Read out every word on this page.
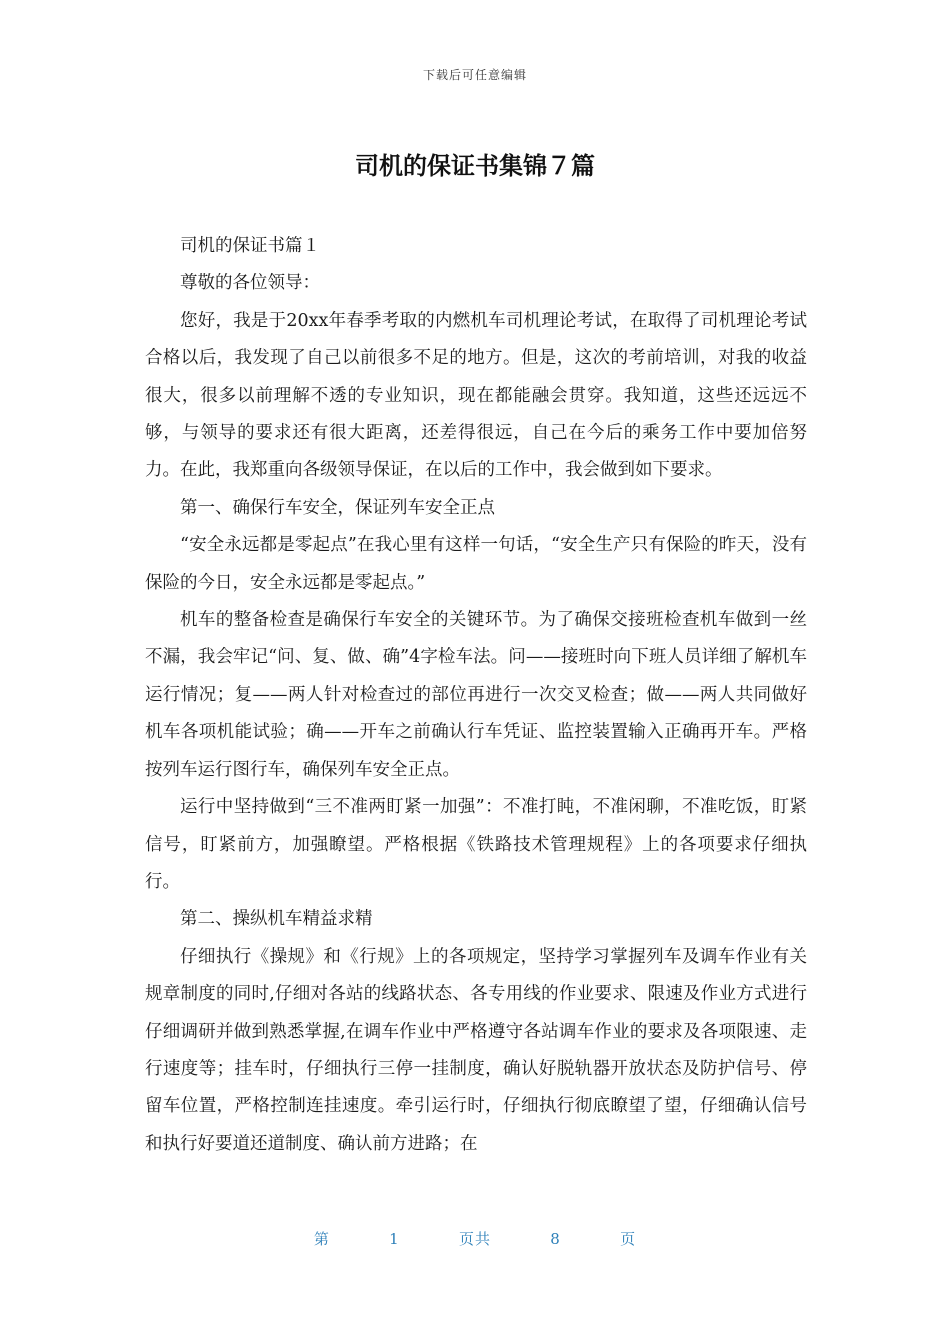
下载后可任意编辑
司机的保证书集锦７篇

司机的保证书篇１

尊敬的各位领导：

您好，我是于20xx年春季考取的内燃机车司机理论考试，在取得了司机理论考试合格以后，我发现了自己以前很多不足的地方。但是，这次的考前培训，对我的收益很大，很多以前理解不透的专业知识，现在都能融会贯穿。我知道，这些还远远不够，与领导的要求还有很大距离，还差得很远，自己在今后的乘务工作中要加倍努力。在此，我郑重向各级领导保证，在以后的工作中，我会做到如下要求。

第一、确保行车安全，保证列车安全正点

“安全永远都是零起点”在我心里有这样一句话，“安全生产只有保险的昨天，没有保险的今日，安全永远都是零起点。”

机车的整备检查是确保行车安全的关键环节。为了确保交接班检查机车做到一丝不漏，我会牢记“问、复、做、确”4字检车法。问——接班时向下班人员详细了解机车运行情况；复——两人针对检查过的部位再进行一次交叉检查；做——两人共同做好机车各项机能试验；确——开车之前确认行车凭证、监控装置输入正确再开车。严格按列车运行图行车，确保列车安全正点。

运行中坚持做到“三不准两盯紧一加强”：不准打盹，不准闲聊，不准吃饭，盯紧信号，盯紧前方，加强瞭望。严格根据《铁路技术管理规程》上的各项要求仔细执行。

第二、操纵机车精益求精

仔细执行《操规》和《行规》上的各项规定，坚持学习掌握列车及调车作业有关规章制度的同时,仔细对各站的线路状态、各专用线的作业要求、限速及作业方式进行仔细调研并做到熟悉掌握,在调车作业中严格遵守各站调车作业的要求及各项限速、走行速度等；挂车时，仔细执行三停一挂制度，确认好脱轨器开放状态及防护信号、停留车位置，严格控制连挂速度。牵引运行时，仔细执行彻底瞭望了望，仔细确认信号和执行好要道还道制度、确认前方进路；在

第   1   页共   8   页
